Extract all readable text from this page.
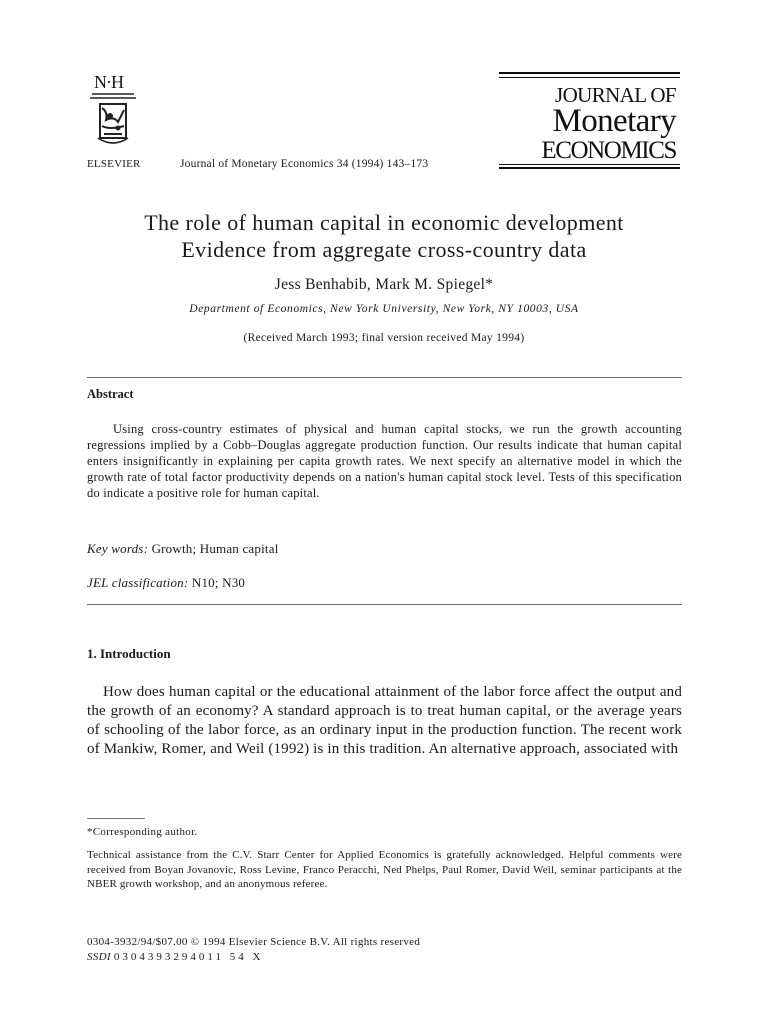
N·H
ELSEVIER	Journal of Monetary Economics 34 (1994) 143–173
JOURNAL OF
Monetary
ECONOMICS
The role of human capital in economic development
Evidence from aggregate cross-country data
Jess Benhabib, Mark M. Spiegel*
Department of Economics, New York University, New York, NY 10003, USA
(Received March 1993; final version received May 1994)
Abstract
Using cross-country estimates of physical and human capital stocks, we run the growth accounting regressions implied by a Cobb–Douglas aggregate production function. Our results indicate that human capital enters insignificantly in explaining per capita growth rates. We next specify an alternative model in which the growth rate of total factor productivity depends on a nation's human capital stock level. Tests of this specification do indicate a positive role for human capital.
Key words: Growth; Human capital
JEL classification: N10; N30
1. Introduction
How does human capital or the educational attainment of the labor force affect the output and the growth of an economy? A standard approach is to treat human capital, or the average years of schooling of the labor force, as an ordinary input in the production function. The recent work of Mankiw, Romer, and Weil (1992) is in this tradition. An alternative approach, associated with
*Corresponding author.
Technical assistance from the C.V. Starr Center for Applied Economics is gratefully acknowledged. Helpful comments were received from Boyan Jovanovic, Ross Levine, Franco Peracchi, Ned Phelps, Paul Romer, David Weil, seminar participants at the NBER growth workshop, and an anonymous referee.
0304-3932/94/$07.00 © 1994 Elsevier Science B.V. All rights reserved
SSDI 0304393294011 54 X
